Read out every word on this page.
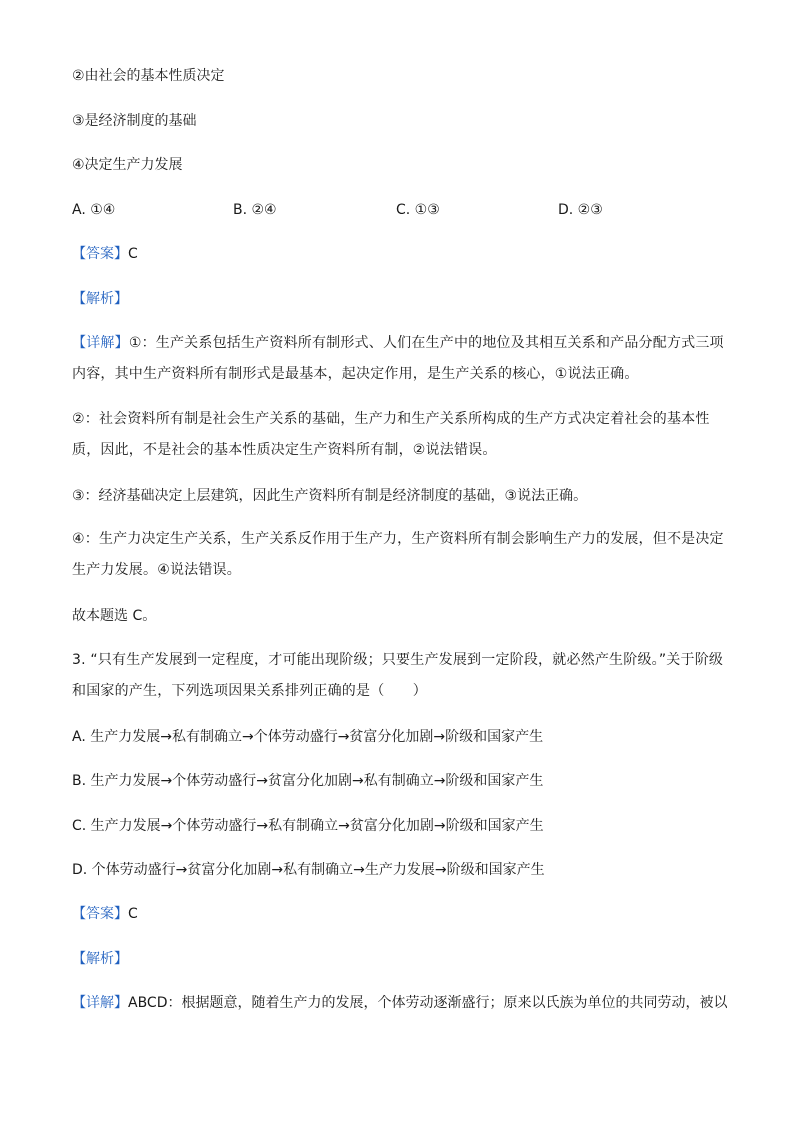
②由社会的基本性质决定
③是经济制度的基础
④决定生产力发展
A. ①④	B. ②④	C. ①③	D. ②③
【答案】C
【解析】
【详解】①：生产关系包括生产资料所有制形式、人们在生产中的地位及其相互关系和产品分配方式三项内容，其中生产资料所有制形式是最基本，起决定作用，是生产关系的核心，①说法正确。
②：社会资料所有制是社会生产关系的基础，生产力和生产关系所构成的生产方式决定着社会的基本性质，因此，不是社会的基本性质决定生产资料所有制，②说法错误。
③：经济基础决定上层建筑，因此生产资料所有制是经济制度的基础，③说法正确。
④：生产力决定生产关系，生产关系反作用于生产力，生产资料所有制会影响生产力的发展，但不是决定生产力发展。④说法错误。
故本题选 C。
3. “只有生产发展到一定程度，才可能出现阶级；只要生产发展到一定阶段，就必然产生阶级。”关于阶级和国家的产生，下列选项因果关系排列正确的是（　　）
A. 生产力发展→私有制确立→个体劳动盛行→贫富分化加剧→阶级和国家产生
B. 生产力发展→个体劳动盛行→贫富分化加剧→私有制确立→阶级和国家产生
C. 生产力发展→个体劳动盛行→私有制确立→贫富分化加剧→阶级和国家产生
D. 个体劳动盛行→贫富分化加剧→私有制确立→生产力发展→阶级和国家产生
【答案】C
【解析】
【详解】ABCD：根据题意，随着生产力的发展，个体劳动逐渐盛行；原来以氏族为单位的共同劳动，被以
